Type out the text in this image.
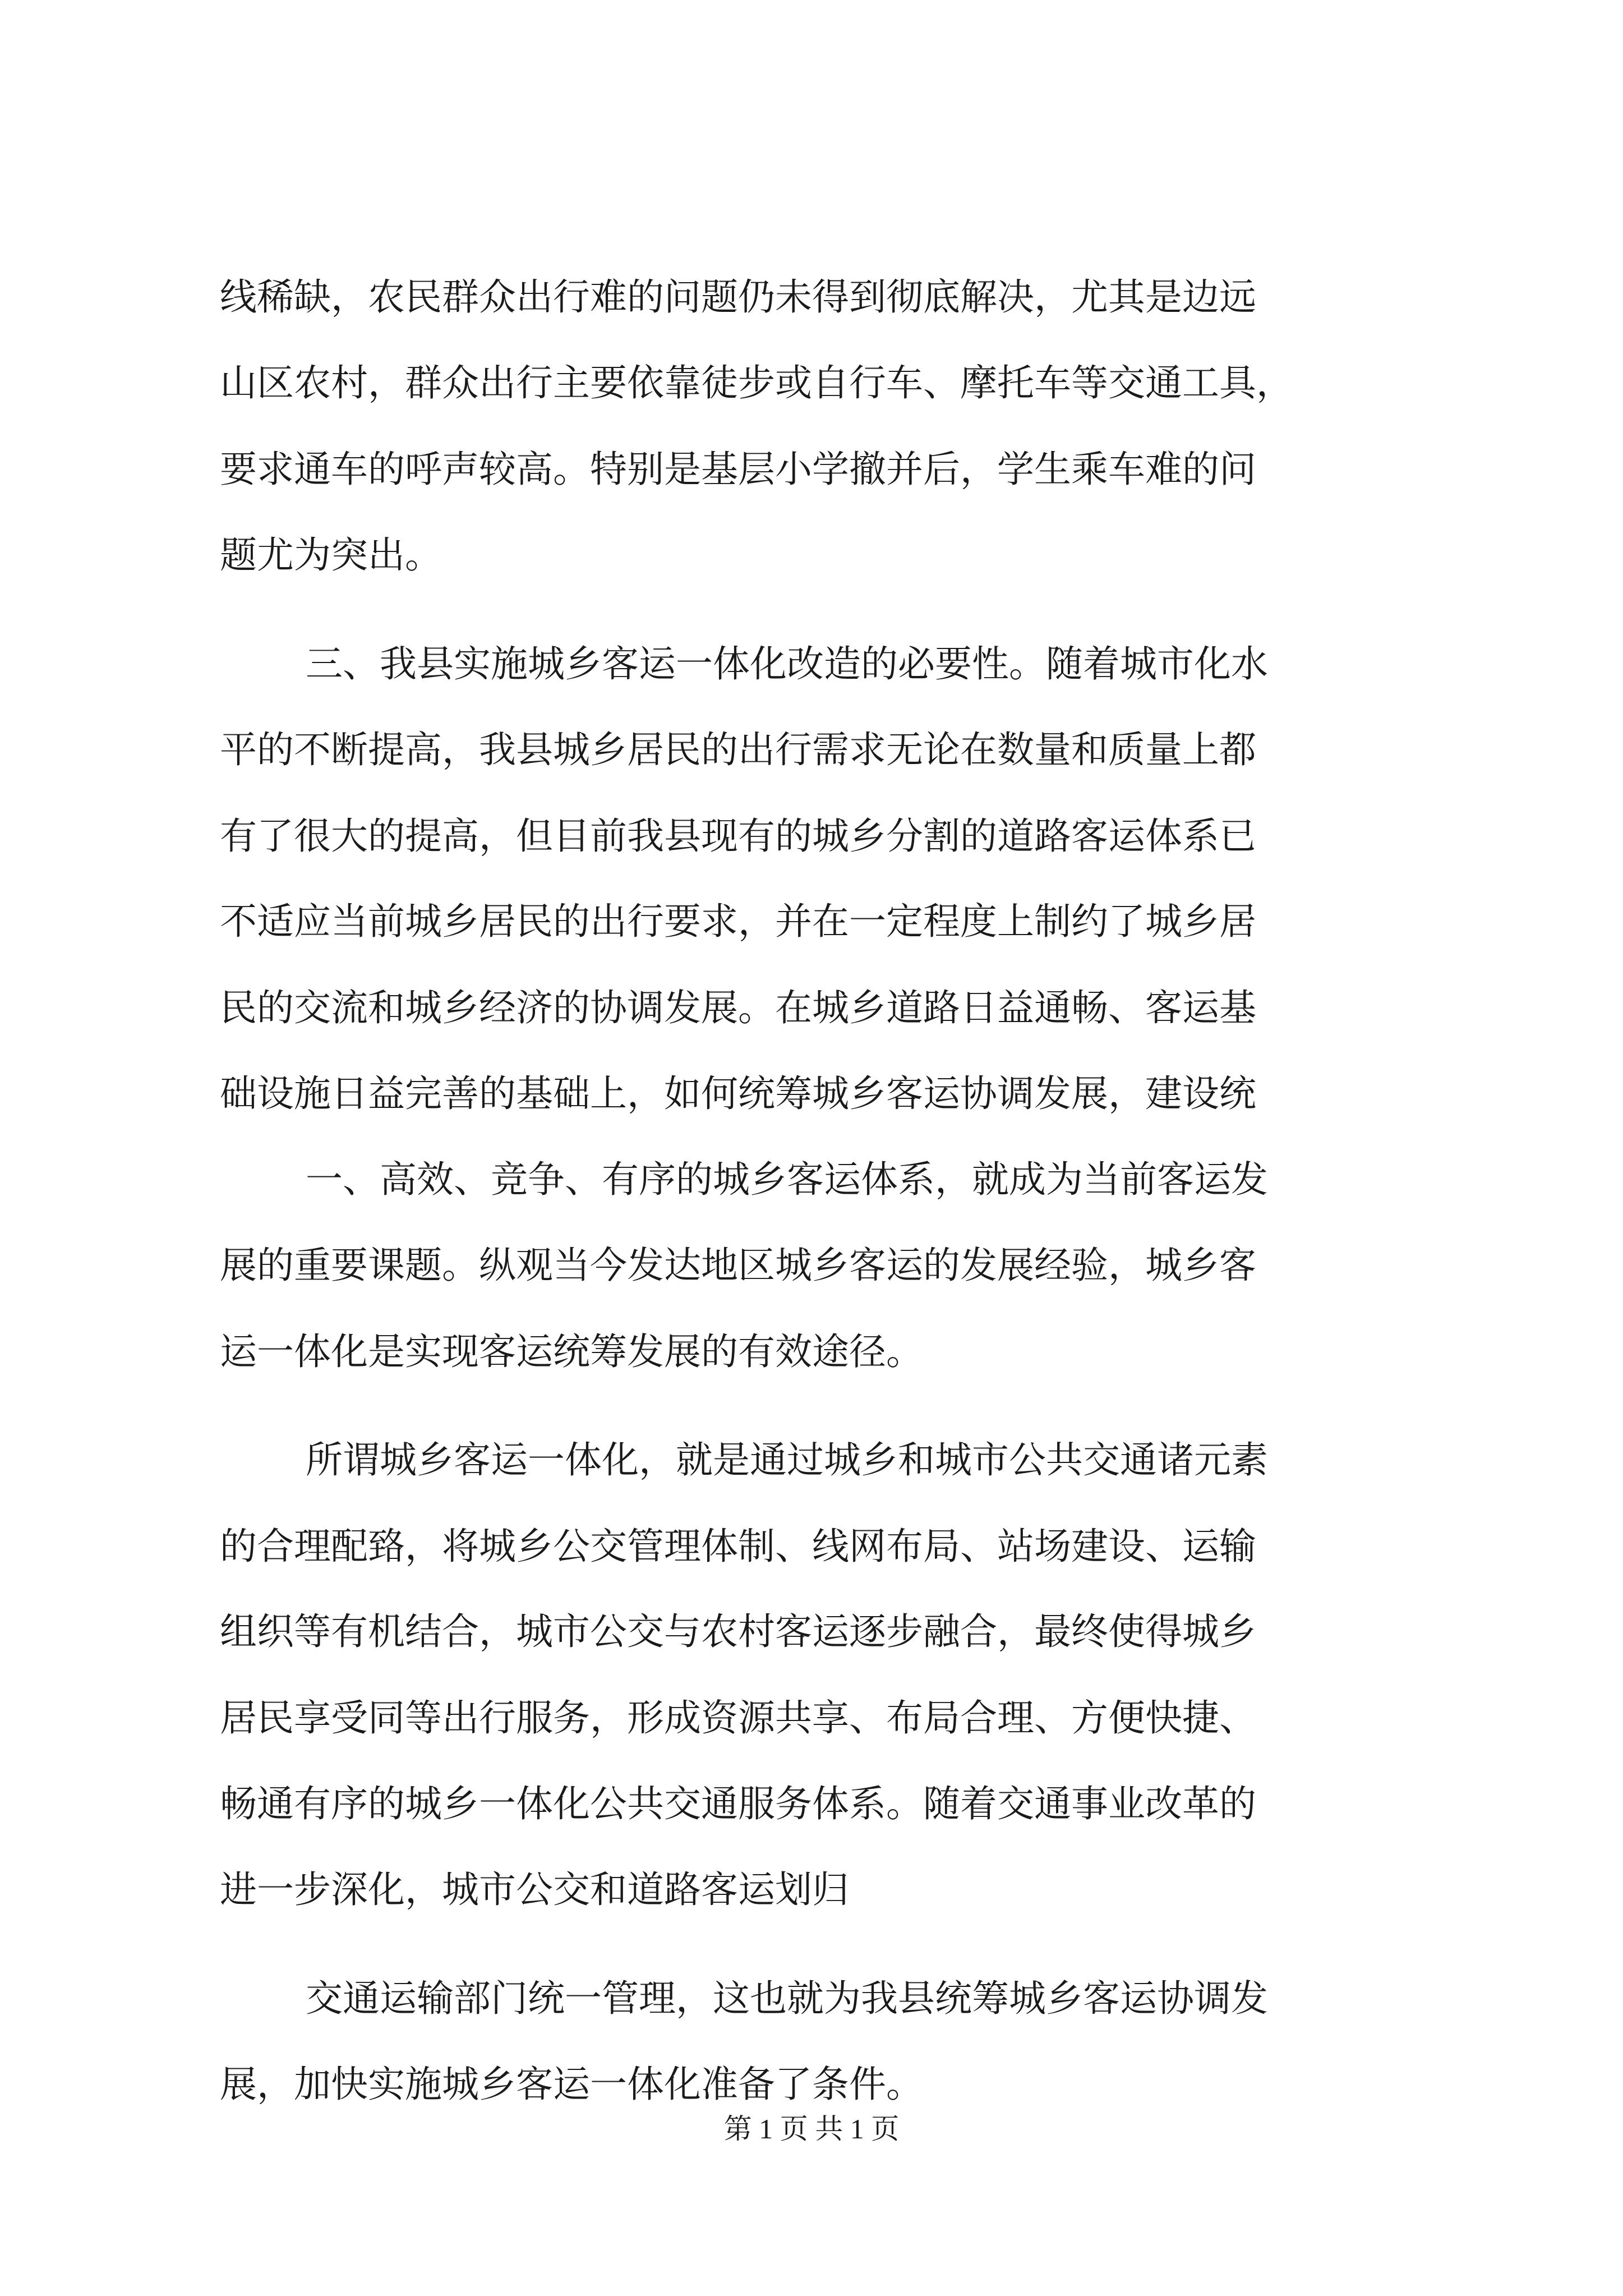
线稀缺，农民群众出行难的问题仍未得到彻底解决，尤其是边远
山区农村，群众出行主要依靠徒步或自行车、摩托车等交通工具，
要求通车的呼声较高。特别是基层小学撤并后，学生乘车难的问
题尤为突出。
三、我县实施城乡客运一体化改造的必要性。随着城市化水
平的不断提高，我县城乡居民的出行需求无论在数量和质量上都
有了很大的提高，但目前我县现有的城乡分割的道路客运体系已
不适应当前城乡居民的出行要求，并在一定程度上制约了城乡居
民的交流和城乡经济的协调发展。在城乡道路日益通畅、客运基
础设施日益完善的基础上，如何统筹城乡客运协调发展，建设统
一、高效、竞争、有序的城乡客运体系，就成为当前客运发
展的重要课题。纵观当今发达地区城乡客运的发展经验，城乡客
运一体化是实现客运统筹发展的有效途径。
所谓城乡客运一体化，就是通过城乡和城市公共交通诸元素
的合理配臵，将城乡公交管理体制、线网布局、站场建设、运输
组织等有机结合，城市公交与农村客运逐步融合，最终使得城乡
居民享受同等出行服务，形成资源共享、布局合理、方便快捷、
畅通有序的城乡一体化公共交通服务体系。随着交通事业改革的
进一步深化，城市公交和道路客运划归
交通运输部门统一管理，这也就为我县统筹城乡客运协调发
展，加快实施城乡客运一体化准备了条件。
第 1 页 共 1 页
